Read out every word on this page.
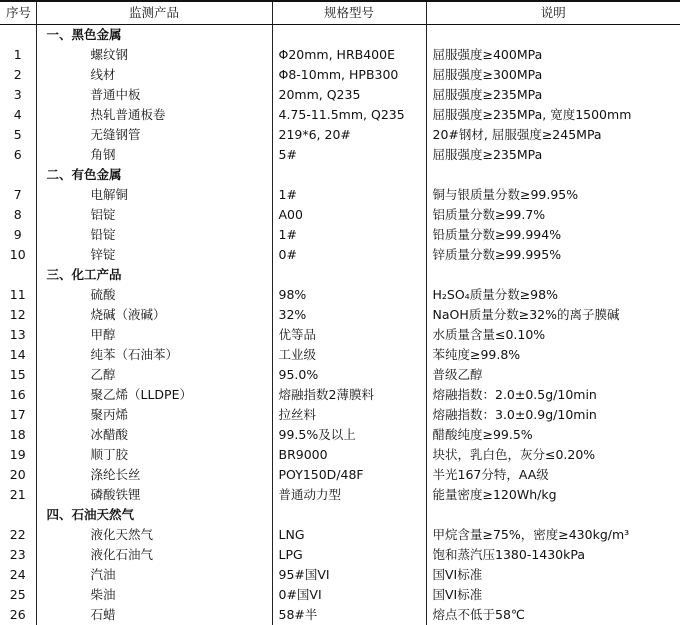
序号	监测产品	规格型号	说明
	一、黑色金属		
1	螺纹钢	Φ20mm, HRB400E	屈服强度≥400MPa
2	线材	Φ8-10mm, HPB300	屈服强度≥300MPa
3	普通中板	20mm, Q235	屈服强度≥235MPa
4	热轧普通板卷	4.75-11.5mm, Q235	屈服强度≥235MPa, 宽度1500mm
5	无缝钢管	219*6, 20#	20#钢材, 屈服强度≥245MPa
6	角钢	5#	屈服强度≥235MPa
	二、有色金属		
7	电解铜	1#	铜与银质量分数≥99.95%
8	铝锭	A00	铝质量分数≥99.7%
9	铅锭	1#	铅质量分数≥99.994%
10	锌锭	0#	锌质量分数≥99.995%
	三、化工产品		
11	硫酸	98%	H₂SO₄质量分数≥98%
12	烧碱（液碱）	32%	NaOH质量分数≥32%的离子膜碱
13	甲醇	优等品	水质量含量≤0.10%
14	纯苯（石油苯）	工业级	苯纯度≥99.8%
15	乙醇	95.0%	普级乙醇
16	聚乙烯（LLDPE）	熔融指数2薄膜料	熔融指数：2.0±0.5g/10min
17	聚丙烯	拉丝料	熔融指数：3.0±0.9g/10min
18	冰醋酸	99.5%及以上	醋酸纯度≥99.5%
19	顺丁胶	BR9000	块状，乳白色，灰分≤0.20%
20	涤纶长丝	POY150D/48F	半光167分特，AA级
21	磷酸铁锂	普通动力型	能量密度≥120Wh/kg
	四、石油天然气		
22	液化天然气	LNG	甲烷含量≥75%，密度≥430kg/m³
23	液化石油气	LPG	饱和蒸汽压1380-1430kPa
24	汽油	95#国VI	国VI标准
25	柴油	0#国VI	国VI标准
26	石蜡	58#半	熔点不低于58℃
